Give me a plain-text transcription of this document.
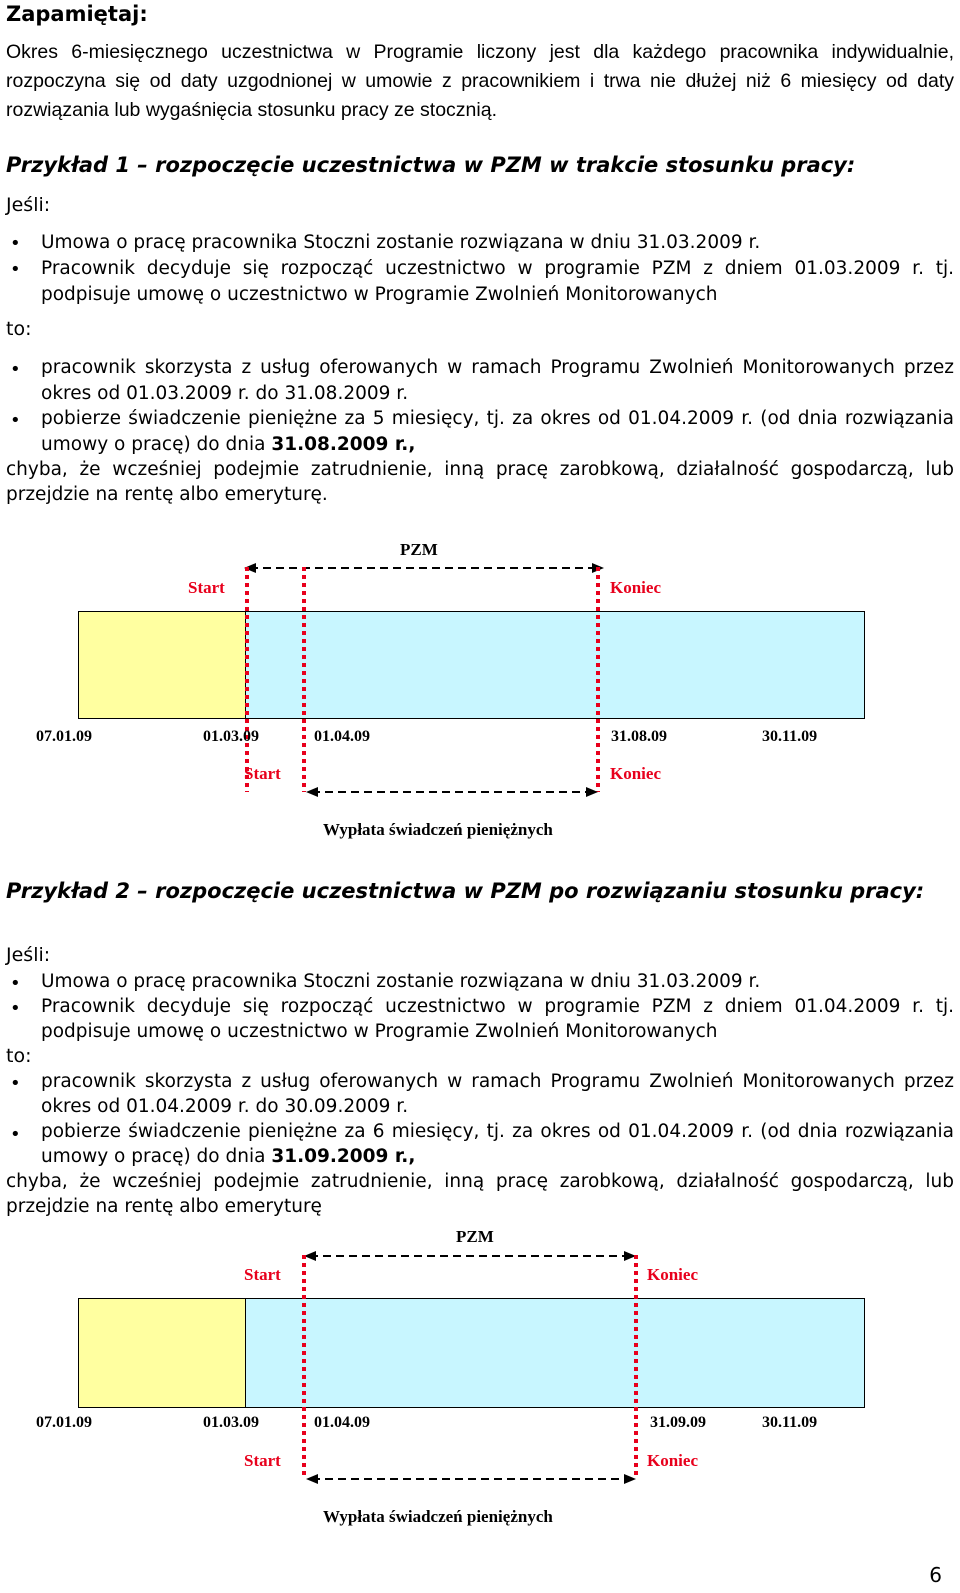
Zapamiętaj:
Okres 6-miesięcznego uczestnictwa w Programie liczony jest dla każdego pracownika indywidualnie, rozpoczyna się od daty uzgodnionej w umowie z pracownikiem i trwa nie dłużej niż 6 miesięcy od daty rozwiązania lub wygaśnięcia stosunku pracy ze stocznią.
Przykład 1 – rozpoczęcie uczestnictwa w PZM w trakcie stosunku pracy:
Jeśli:
• Umowa o pracę pracownika Stoczni zostanie rozwiązana w dniu 31.03.2009 r.
• Pracownik decyduje się rozpocząć uczestnictwo w programie PZM z dniem 01.03.2009 r. tj.
podpisuje umowę o uczestnictwo w Programie Zwolnień Monitorowanych
to:
• pracownik skorzysta z usług oferowanych w ramach Programu Zwolnień Monitorowanych przez
okres od 01.03.2009 r. do 31.08.2009 r.
• pobierze świadczenie pieniężne za 5 miesięcy, tj. za okres od 01.04.2009 r. (od dnia rozwiązania
umowy o pracę) do dnia 31.08.2009 r.,
chyba, że wcześniej podejmie zatrudnienie, inną pracę zarobkową, działalność gospodarczą, lub
przejdzie na rentę albo emeryturę.
PZM
Start	Koniec
07.01.09	01.03.09	01.04.09	31.08.09	30.11.09
Start	Koniec
Wypłata świadczeń pieniężnych
Przykład 2 – rozpoczęcie uczestnictwa w PZM po rozwiązaniu stosunku pracy:
Jeśli:
• Umowa o pracę pracownika Stoczni zostanie rozwiązana w dniu 31.03.2009 r.
• Pracownik decyduje się rozpocząć uczestnictwo w programie PZM z dniem 01.04.2009 r. tj.
podpisuje umowę o uczestnictwo w Programie Zwolnień Monitorowanych
to:
• pracownik skorzysta z usług oferowanych w ramach Programu Zwolnień Monitorowanych przez
okres od 01.04.2009 r. do 30.09.2009 r.
• pobierze świadczenie pieniężne za 6 miesięcy, tj. za okres od 01.04.2009 r. (od dnia rozwiązania
umowy o pracę) do dnia 31.09.2009 r.,
chyba, że wcześniej podejmie zatrudnienie, inną pracę zarobkową, działalność gospodarczą, lub
przejdzie na rentę albo emeryturę
PZM
Start	Koniec
07.01.09	01.03.09	01.04.09	31.09.09	30.11.09
Start	Koniec
Wypłata świadczeń pieniężnych
6
